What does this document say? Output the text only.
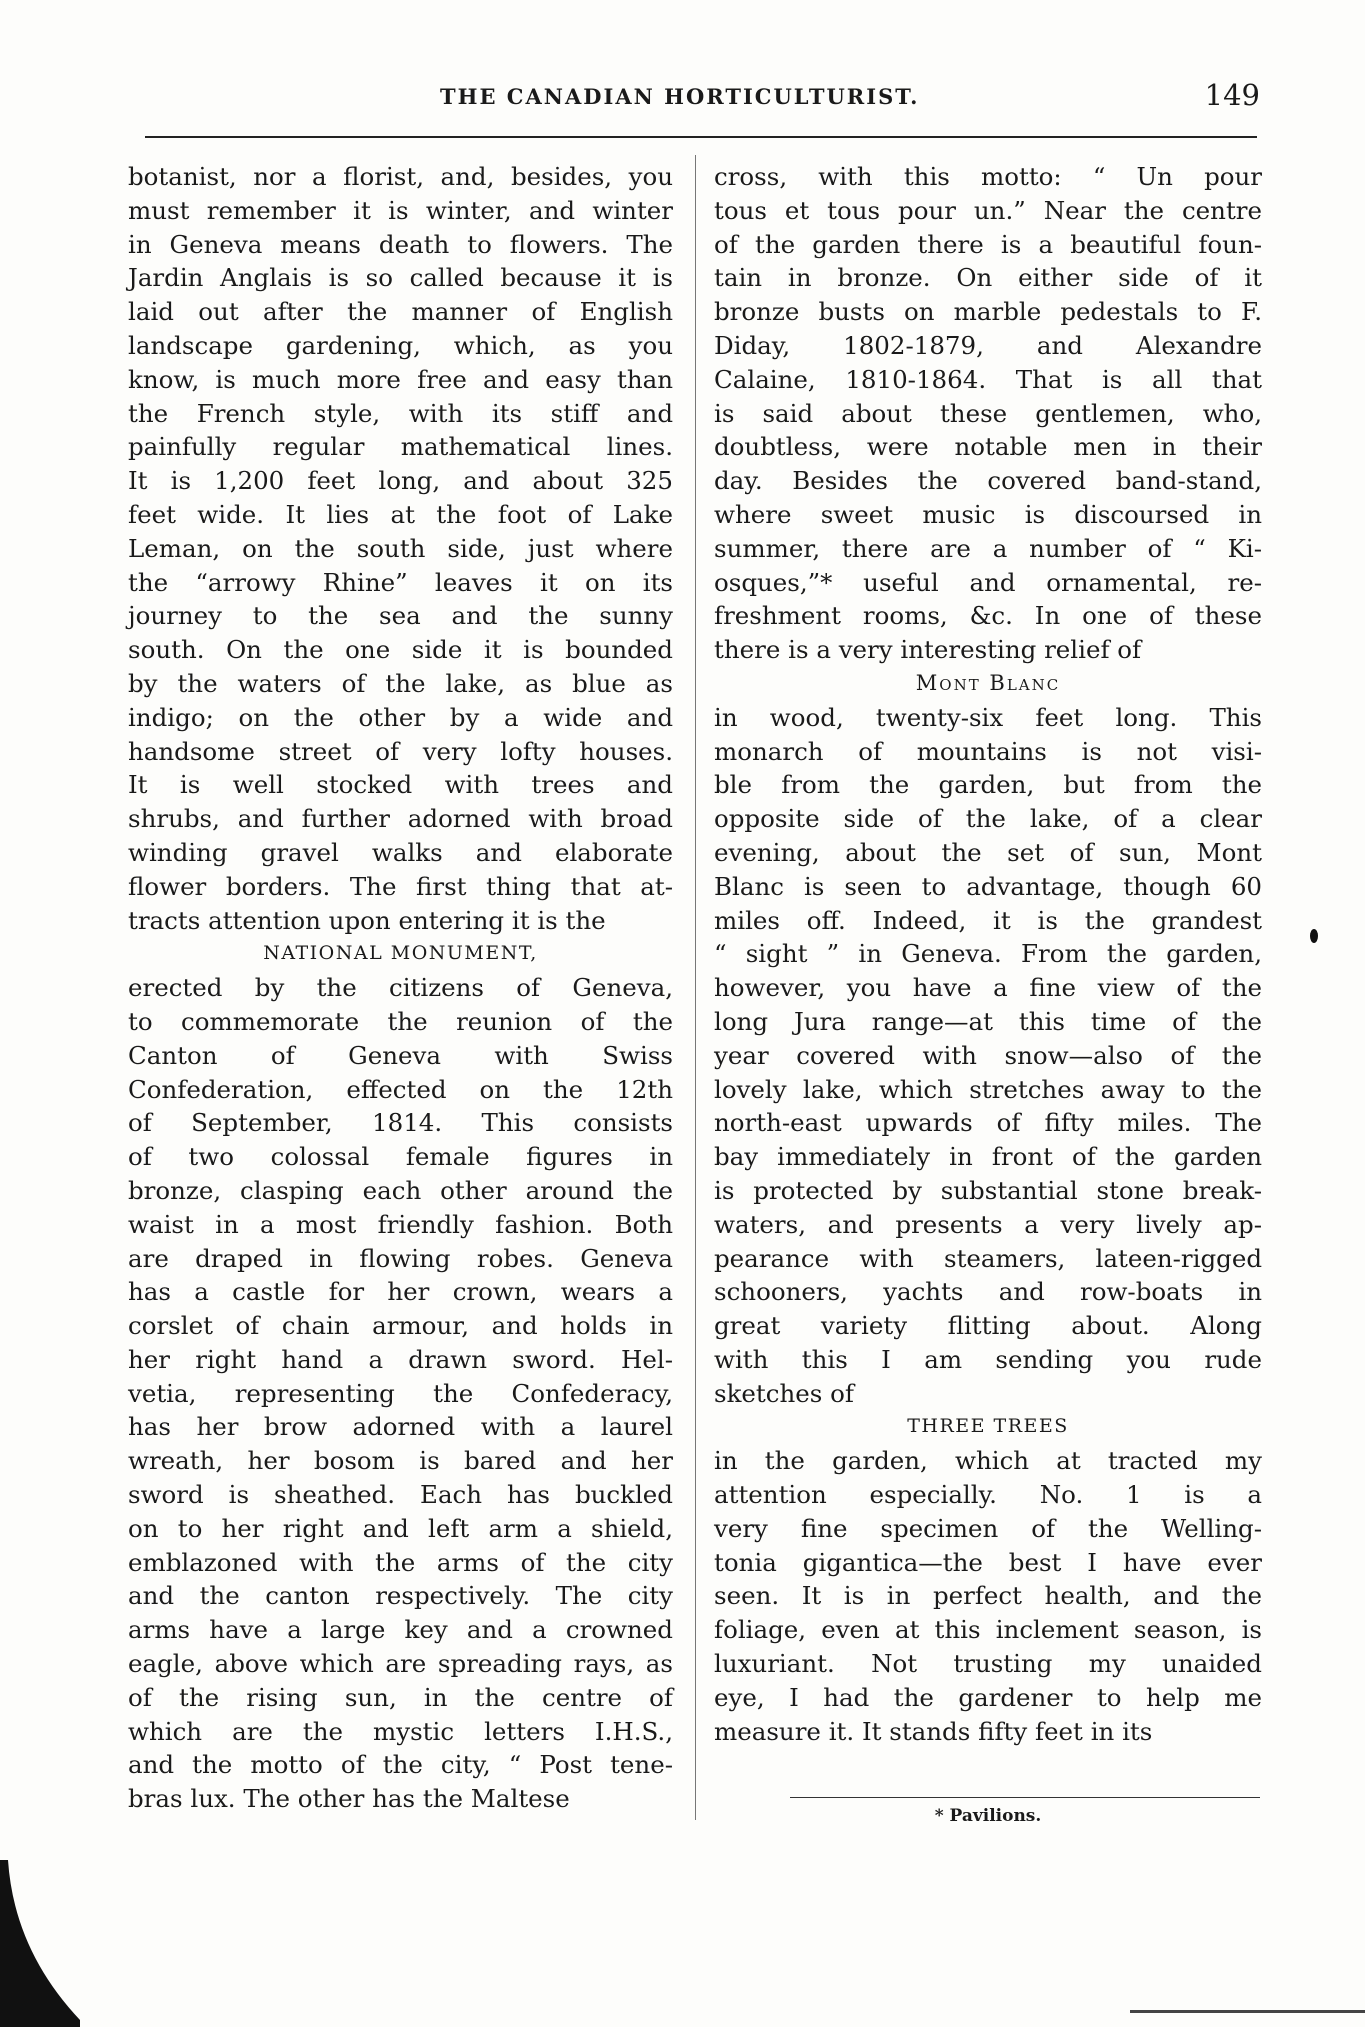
THE CANADIAN HORTICULTURIST.	149
botanist, nor a florist, and, besides, you
must remember it is winter, and winter
in Geneva means death to flowers. The
Jardin Anglais is so called because it is
laid out after the manner of English
landscape gardening, which, as you
know, is much more free and easy than
the French style, with its stiff and
painfully regular mathematical lines.
It is 1,200 feet long, and about 325
feet wide. It lies at the foot of Lake
Leman, on the south side, just where
the “arrowy Rhine” leaves it on its
journey to the sea and the sunny
south. On the one side it is bounded
by the waters of the lake, as blue as
indigo; on the other by a wide and
handsome street of very lofty houses.
It is well stocked with trees and
shrubs, and further adorned with broad
winding gravel walks and elaborate
flower borders. The first thing that at-
tracts attention upon entering it is the
NATIONAL MONUMENT,
erected by the citizens of Geneva,
to commemorate the reunion of the
Canton of Geneva with Swiss
Confederation, effected on the 12th
of September, 1814. This consists
of two colossal female figures in
bronze, clasping each other around the
waist in a most friendly fashion. Both
are draped in flowing robes. Geneva
has a castle for her crown, wears a
corslet of chain armour, and holds in
her right hand a drawn sword. Hel-
vetia, representing the Confederacy,
has her brow adorned with a laurel
wreath, her bosom is bared and her
sword is sheathed. Each has buckled
on to her right and left arm a shield,
emblazoned with the arms of the city
and the canton respectively. The city
arms have a large key and a crowned
eagle, above which are spreading rays, as
of the rising sun, in the centre of
which are the mystic letters I.H.S.,
and the motto of the city, “ Post tene-
bras lux. The other has the Maltese
cross, with this motto: “ Un pour
tous et tous pour un.” Near the centre
of the garden there is a beautiful foun-
tain in bronze. On either side of it
bronze busts on marble pedestals to F.
Diday, 1802-1879, and Alexandre
Calaine, 1810-1864. That is all that
is said about these gentlemen, who,
doubtless, were notable men in their
day. Besides the covered band-stand,
where sweet music is discoursed in
summer, there are a number of “ Ki-
osques,”* useful and ornamental, re-
freshment rooms, &c. In one of these
there is a very interesting relief of
Mont Blanc
in wood, twenty-six feet long. This
monarch of mountains is not visi-
ble from the garden, but from the
opposite side of the lake, of a clear
evening, about the set of sun, Mont
Blanc is seen to advantage, though 60
miles off. Indeed, it is the grandest
“ sight ” in Geneva. From the garden,
however, you have a fine view of the
long Jura range—at this time of the
year covered with snow—also of the
lovely lake, which stretches away to the
north-east upwards of fifty miles. The
bay immediately in front of the garden
is protected by substantial stone break-
waters, and presents a very lively ap-
pearance with steamers, lateen-rigged
schooners, yachts and row-boats in
great variety flitting about. Along
with this I am sending you rude
sketches of
THREE TREES
in the garden, which at tracted my
attention especially. No. 1 is a
very fine specimen of the Welling-
tonia gigantica—the best I have ever
seen. It is in perfect health, and the
foliage, even at this inclement season, is
luxuriant. Not trusting my unaided
eye, I had the gardener to help me
measure it. It stands fifty feet in its
* Pavilions.
